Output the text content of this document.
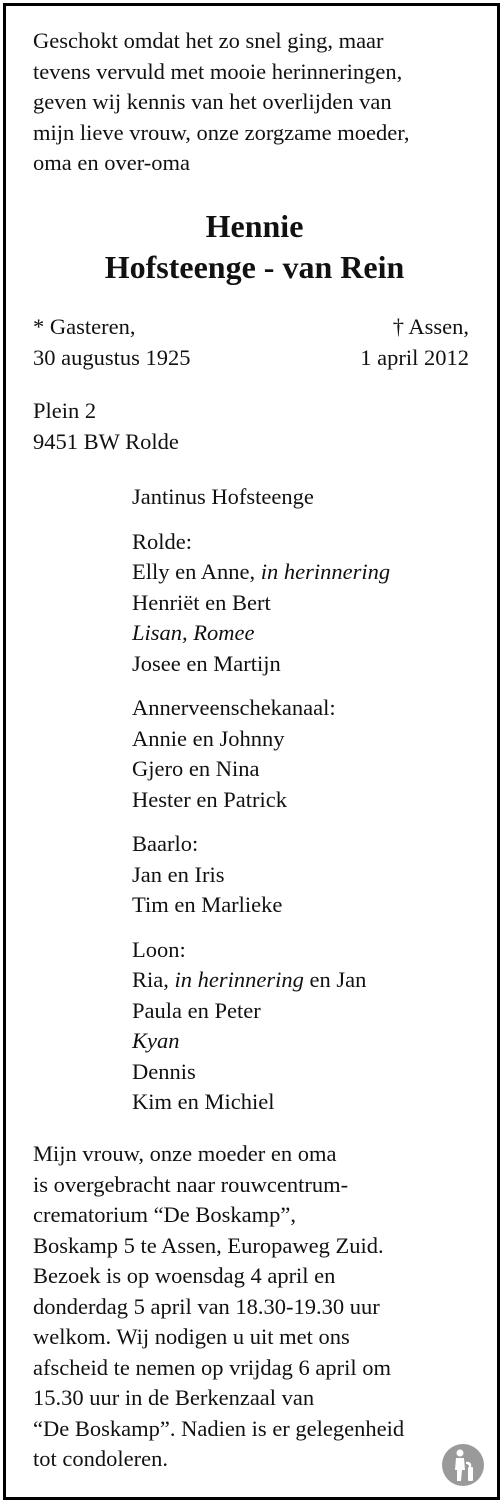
Geschokt omdat het zo snel ging, maar

tevens vervuld met mooie herinneringen,

geven wij kennis van het overlijden van

mijn lieve vrouw, onze zorgzame moeder,

oma en over-oma

Hennie
Hofsteenge - van Rein

* Gasteren,

30 augustus 1925

† Assen,

1 april 2012

Plein 2

9451 BW Rolde

Jantinus Hofsteenge

Rolde:

Elly en Anne, in herinnering

Henriët en Bert

Lisan, Romee

Josee en Martijn

Annerveenschekanaal:

Annie en Johnny

Gjero en Nina

Hester en Patrick

Baarlo:

Jan en Iris

Tim en Marlieke

Loon:

Ria, in herinnering en Jan

Paula en Peter

Kyan

Dennis

Kim en Michiel

Mijn vrouw, onze moeder en oma

is overgebracht naar rouwcentrum-

crematorium “De Boskamp”,

Boskamp 5 te Assen, Europaweg Zuid.

Bezoek is op woensdag 4 april en

donderdag 5 april van 18.30-19.30 uur

welkom. Wij nodigen u uit met ons

afscheid te nemen op vrijdag 6 april om

15.30 uur in de Berkenzaal van

“De Boskamp”. Nadien is er gelegenheid

tot condoleren.
